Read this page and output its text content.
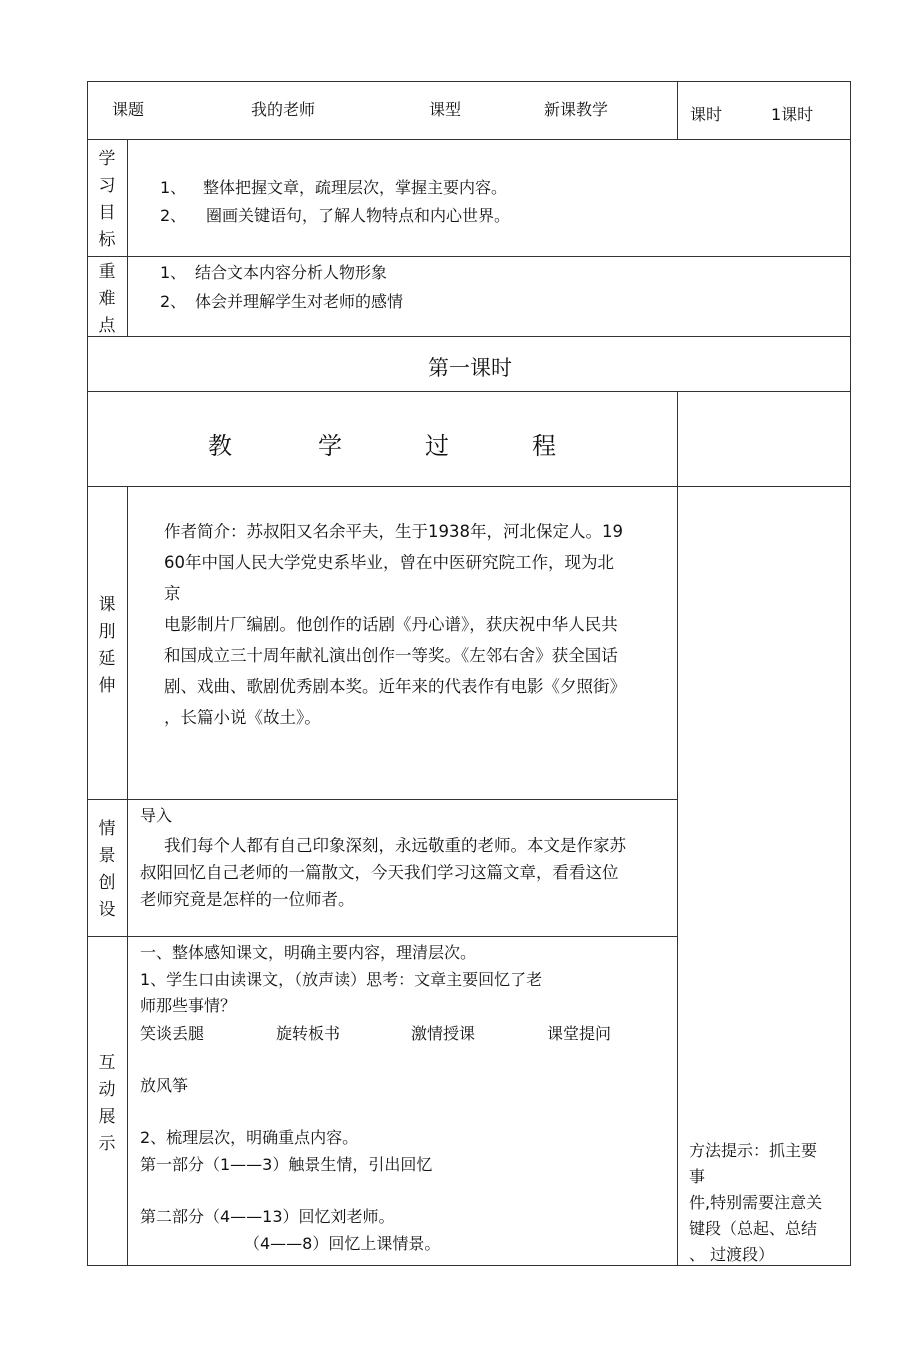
课题	我的老师	课型	新课教学	课时	1课时
学
习
目
标
1、 整体把握文章，疏理层次，掌握主要内容。
2、 圈画关键语句，了解人物特点和内心世界。
重
难
点
1、 结合文本内容分析人物形象
2、 体会并理解学生对老师的感情
第一课时
教	学	过	程
课
刖
延
伸
作者简介：苏叔阳又名余平夫，生于1938年，河北保定人。19
60年中国人民大学党史系毕业，曾在中医研究院工作，现为北
京
电影制片厂编剧。他创作的话剧《丹心谱》，获庆祝中华人民共
和国成立三十周年献礼演出创作一等奖。《左邻右舍》获全国话
剧、戏曲、歌剧优秀剧本奖。近年来的代表作有电影《夕照街》
，长篇小说《故土》。
情
景
创
设
导入
我们每个人都有自己印象深刻，永远敬重的老师。本文是作家苏
叔阳回忆自己老师的一篇散文，今天我们学习这篇文章，看看这位
老师究竟是怎样的一位师者。
互
动
展
示
一、整体感知课文，明确主要内容，理清层次。
1、学生口由读课文，（放声读）思考：文章主要回忆了老
师那些事情？
笑谈丢腿	旋转板书	激情授课	课堂提问
放风筝
2、梳理层次，明确重点内容。
第一部分（1——3）触景生情，引出回忆
第二部分（4——13）回忆刘老师。
（4——8）回忆上课情景。
方法提示：抓主要
事
件,特别需要注意关
键段（总起、总结
、 过渡段）
